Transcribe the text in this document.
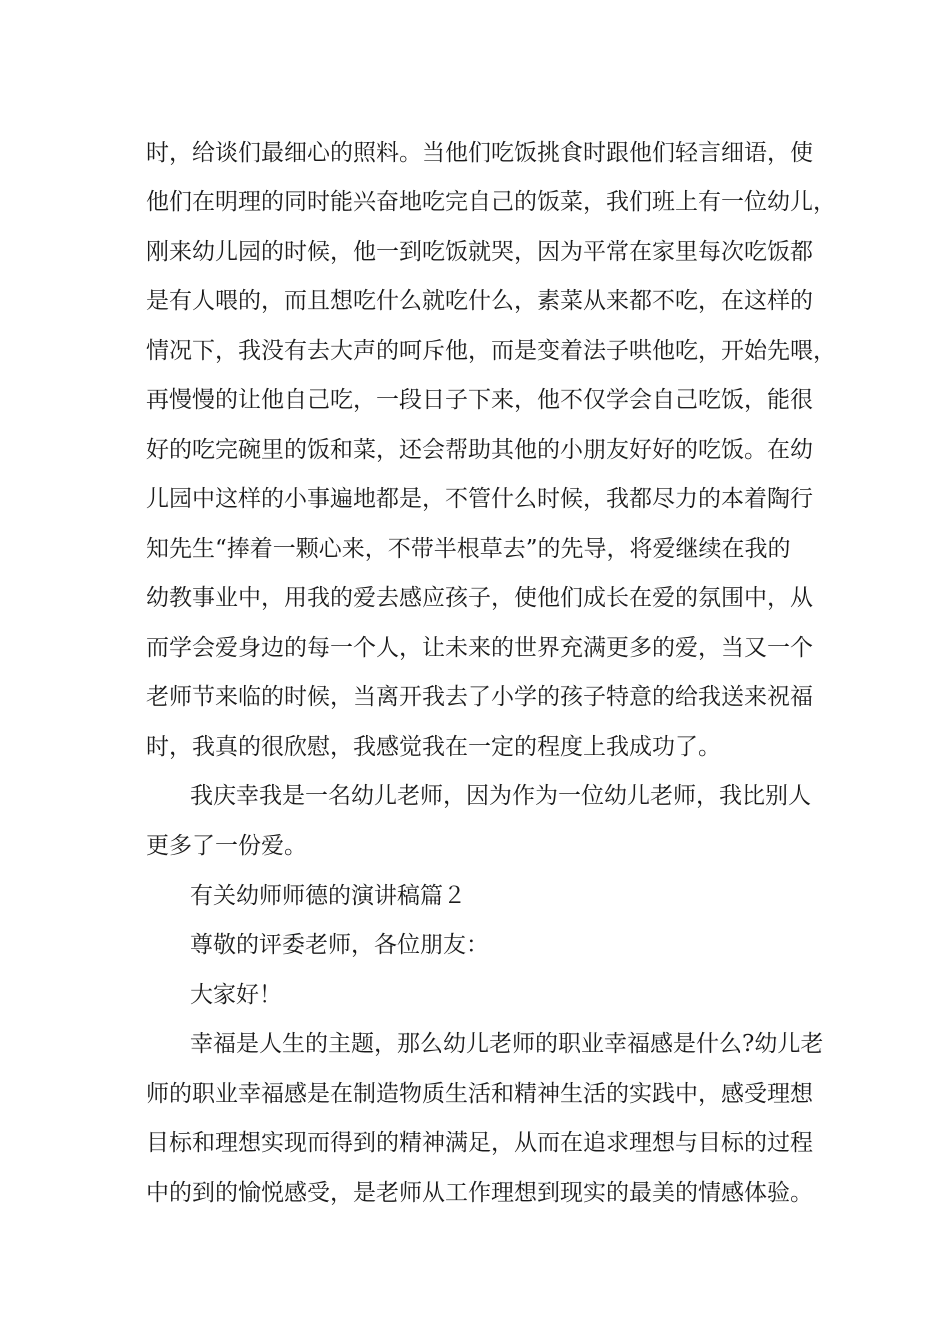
时，给谈们最细心的照料。当他们吃饭挑食时跟他们轻言细语，使
他们在明理的同时能兴奋地吃完自己的饭菜，我们班上有一位幼儿，
刚来幼儿园的时候，他一到吃饭就哭，因为平常在家里每次吃饭都
是有人喂的，而且想吃什么就吃什么，素菜从来都不吃，在这样的
情况下，我没有去大声的呵斥他，而是变着法子哄他吃，开始先喂，
再慢慢的让他自己吃，一段日子下来，他不仅学会自己吃饭，能很
好的吃完碗里的饭和菜，还会帮助其他的小朋友好好的吃饭。在幼
儿园中这样的小事遍地都是，不管什么时候，我都尽力的本着陶行
知先生“捧着一颗心来，不带半根草去”的先导，将爱继续在我的
幼教事业中，用我的爱去感应孩子，使他们成长在爱的氛围中，从
而学会爱身边的每一个人，让未来的世界充满更多的爱，当又一个
老师节来临的时候，当离开我去了小学的孩子特意的给我送来祝福
时，我真的很欣慰，我感觉我在一定的程度上我成功了。
我庆幸我是一名幼儿老师，因为作为一位幼儿老师，我比别人
更多了一份爱。
有关幼师师德的演讲稿篇２
尊敬的评委老师，各位朋友：
大家好！
幸福是人生的主题，那么幼儿老师的职业幸福感是什么?幼儿老
师的职业幸福感是在制造物质生活和精神生活的实践中，感受理想
目标和理想实现而得到的精神满足，从而在追求理想与目标的过程
中的到的愉悦感受，是老师从工作理想到现实的最美的情感体验。
